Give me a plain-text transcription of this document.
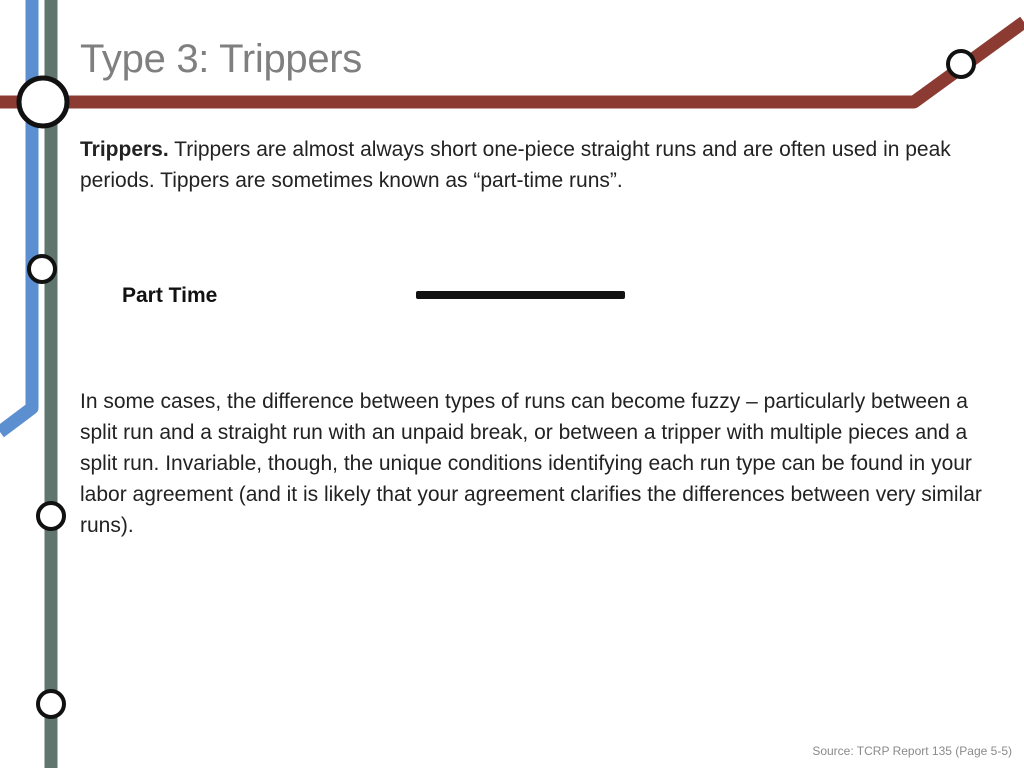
Type 3: Trippers

Trippers. Trippers are almost always short one-piece straight runs and are often used in peak periods. Tippers are sometimes known as “part-time runs”.

Part Time

In some cases, the difference between types of runs can become fuzzy – particularly between a split run and a straight run with an unpaid break, or between a tripper with multiple pieces and a split run. Invariable, though, the unique conditions identifying each run type can be found in your labor agreement (and it is likely that your agreement clarifies the differences between very similar runs).

Source: TCRP Report 135 (Page 5-5)
